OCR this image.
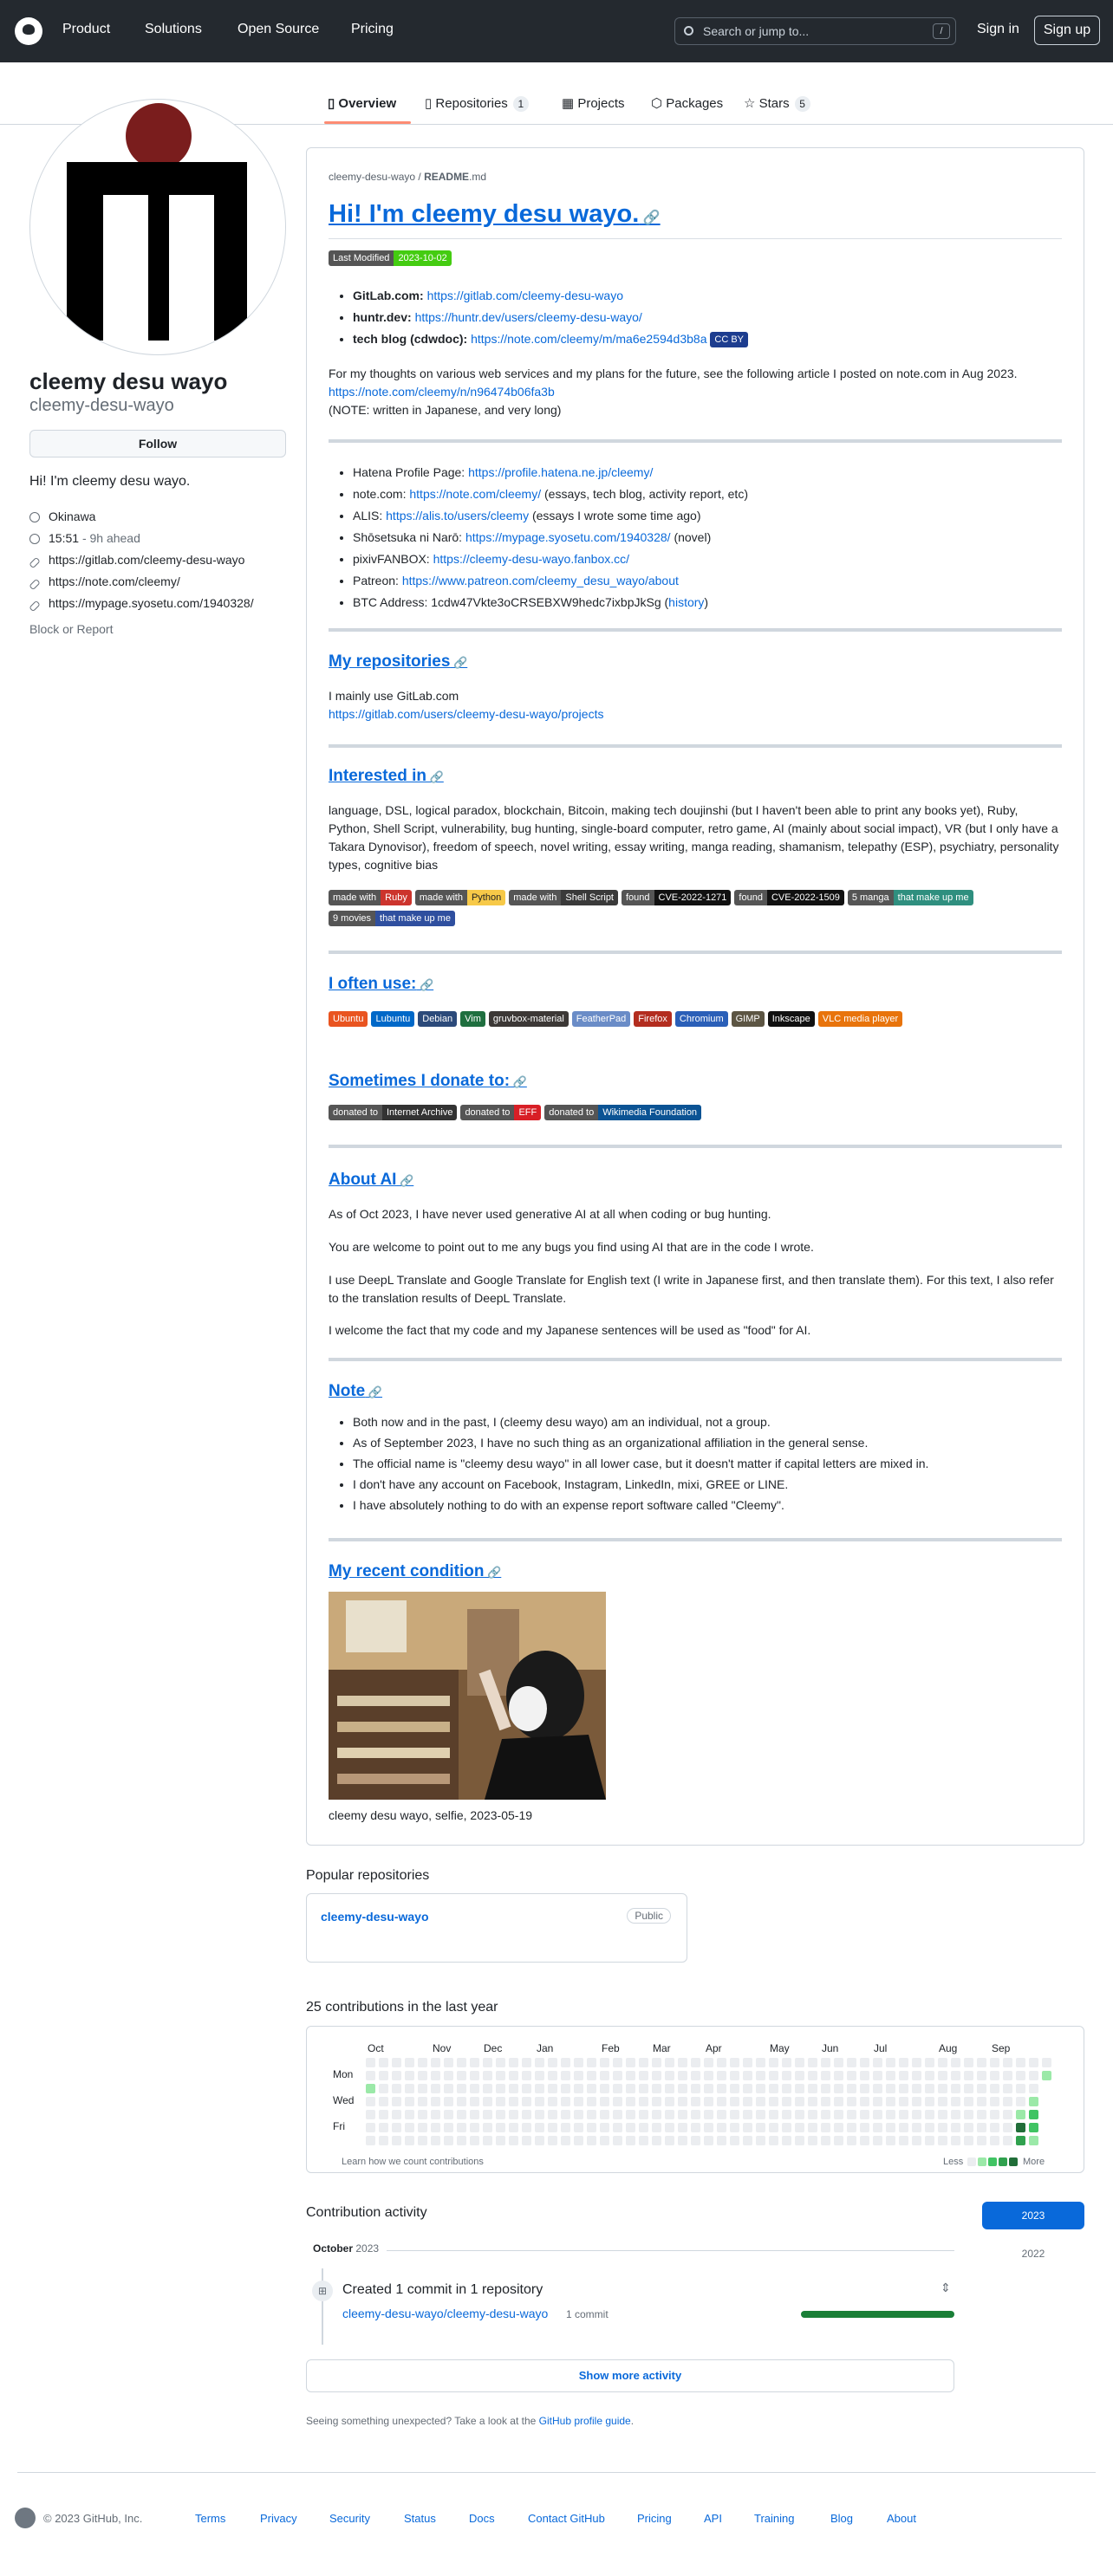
Product Solutions	Open Source Pricing	Search or jump to...	/	Sign in	Sign up
▯ Overview ▯ Repositories 1	▦ Projects ⬡ Packages ☆ Stars 5
cleemy desu wayo
cleemy-desu-wayo
Follow
Hi! I'm cleemy desu wayo.
Okinawa
15:51 - 9h ahead
https://gitlab.com/cleemy-desu-wayo
https://note.com/cleemy/
https://mypage.syosetu.com/1940328/
Block or Report
cleemy-desu-wayo / README.md
Hi! I'm cleemy desu wayo. 🔗
Last Modified 2023-10-02
• GitLab.com: https://gitlab.com/cleemy-desu-wayo
• huntr.dev: https://huntr.dev/users/cleemy-desu-wayo/
• tech blog (cdwdoc): https://note.com/cleemy/m/ma6e2594d3b8a CC BY
For my thoughts on various web services and my plans for the future, see the following article I posted on note.com in Aug 2023.
https://note.com/cleemy/n/n96474b06fa3b
(NOTE: written in Japanese, and very long)
• Hatena Profile Page: https://profile.hatena.ne.jp/cleemy/
• note.com: https://note.com/cleemy/ (essays, tech blog, activity report, etc)
• ALIS: https://alis.to/users/cleemy (essays I wrote some time ago)
• Shōsetsuka ni Narō: https://mypage.syosetu.com/1940328/ (novel)
• pixivFANBOX: https://cleemy-desu-wayo.fanbox.cc/
• Patreon: https://www.patreon.com/cleemy_desu_wayo/about
• BTC Address: 1cdw47Vkte3oCRSEBXW9hedc7ixbpJkSg (history)
My repositories 🔗
I mainly use GitLab.com
https://gitlab.com/users/cleemy-desu-wayo/projects
Interested in 🔗
language, DSL, logical paradox, blockchain, Bitcoin, making tech doujinshi (but I haven't been able to print any books yet), Ruby, Python, Shell Script, vulnerability, bug hunting, single-board computer, retro game, AI (mainly about social impact), VR (but I only have a Takara Dynovisor), freedom of speech, novel writing, essay writing, manga reading, shamanism, telepathy (ESP), psychiatry, personality types, cognitive bias
made with Ruby made with Python made with Shell Script found CVE-2022-1271 found CVE-2022-1509 5 manga that make up me9 movies that make up me
I often use: 🔗
Ubuntu Lubuntu Debian Vim gruvbox-material FeatherPad Firefox Chromium GIMP Inkscape VLC media player
Sometimes I donate to: 🔗
donated to Internet Archive donated to EFF donated to Wikimedia Foundation
About AI 🔗
As of Oct 2023, I have never used generative AI at all when coding or bug hunting.
You are welcome to point out to me any bugs you find using AI that are in the code I wrote.
I use DeepL Translate and Google Translate for English text (I write in Japanese first, and then translate them). For this text, I also refer to the translation results of DeepL Translate.
I welcome the fact that my code and my Japanese sentences will be used as "food" for AI.
Note 🔗
• Both now and in the past, I (cleemy desu wayo) am an individual, not a group.
• As of September 2023, I have no such thing as an organizational affiliation in the general sense.
• The official name is "cleemy desu wayo" in all lower case, but it doesn't matter if capital letters are mixed in.
• I don't have any account on Facebook, Instagram, LinkedIn, mixi, GREE or LINE.
• I have absolutely nothing to do with an expense report software called "Cleemy".
My recent condition 🔗
cleemy desu wayo, selfie, 2023-05-19
Popular repositories
cleemy-desu-wayo	Public
25 contributions in the last year
Oct	Nov	Dec	Jan	Feb	Mar	Apr	May	Jun	Jul	Aug	Sep
Mon
Wed
Fri
Learn how we count contributions	Less	More
Contribution activity	2023
2022
October 2023
⊞	Created 1 commit in 1 repository	⇕
cleemy-desu-wayo/cleemy-desu-wayo 1 commit
Show more activity
Seeing something unexpected? Take a look at the GitHub profile guide.
© 2023 GitHub, Inc.	Terms	Privacy	Security	Status	Docs	Contact GitHub	Pricing	API	Training	Blog	About
